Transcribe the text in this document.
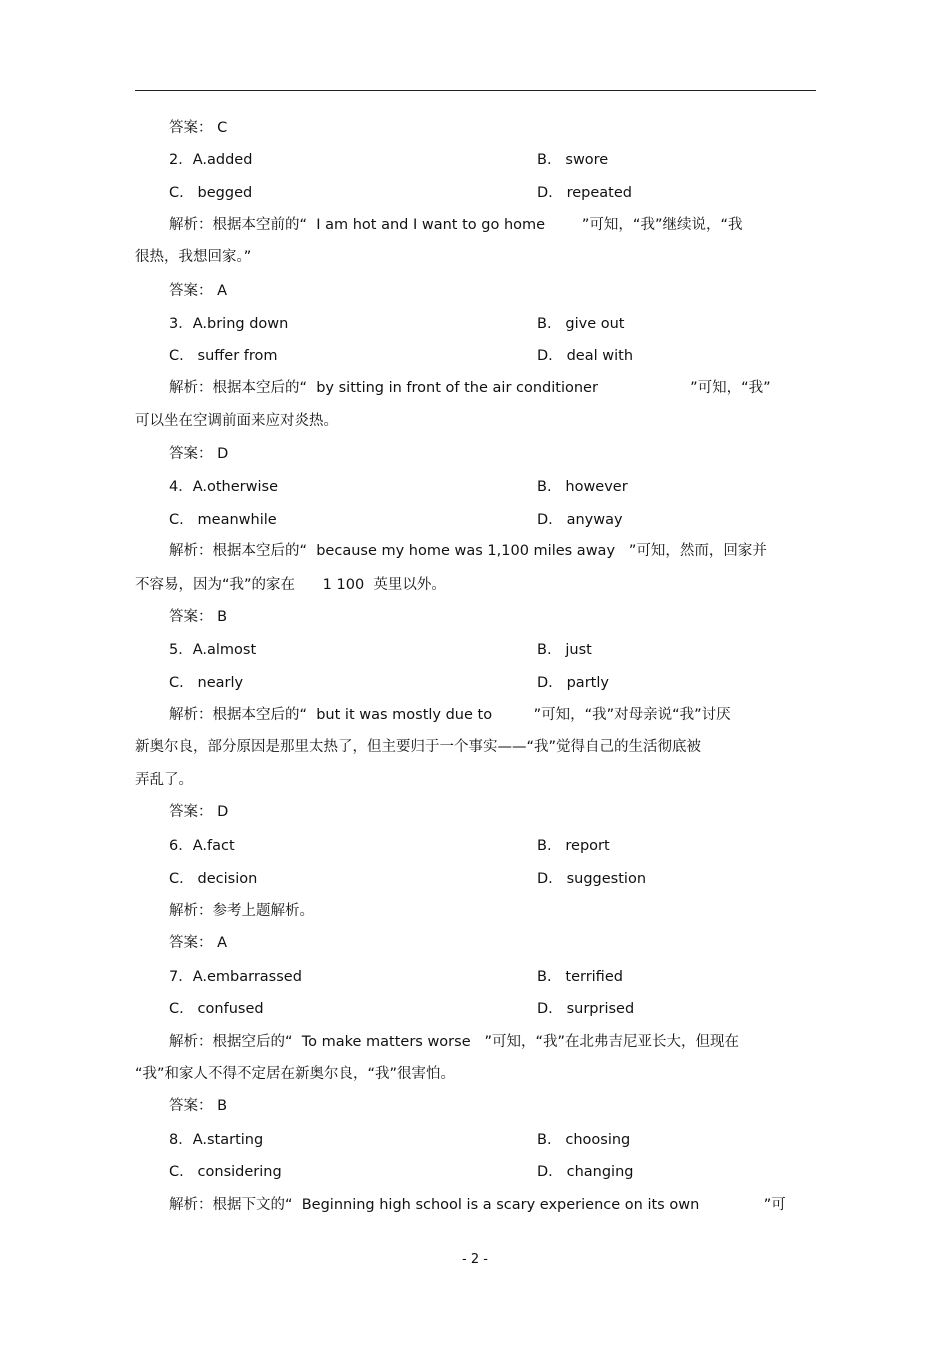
答案： C
2．A.added	B.   swore
C.   begged	D.   repeated
解析：根据本空前的“  I am hot and I want to go home        ”可知，“我”继续说，“我
很热，我想回家。”
答案： A
3．A.bring down	B.   give out
C.   suffer from	D.   deal with
解析：根据本空后的“  by sitting in front of the air conditioner                    ”可知，“我”
可以坐在空调前面来应对炎热。
答案： D
4．A.otherwise	B.   however
C.   meanwhile	D.   anyway
解析：根据本空后的“  because my home was 1,100 miles away   ”可知，然而，回家并
不容易，因为“我”的家在      1 100  英里以外。
答案： B
5．A.almost	B.   just
C.   nearly	D.   partly
解析：根据本空后的“  but it was mostly due to         ”可知，“我”对母亲说“我”讨厌
新奥尔良，部分原因是那里太热了，但主要归于一个事实——“我”觉得自己的生活彻底被
弄乱了。
答案： D
6．A.fact	B.   report
C.   decision	D.   suggestion
解析：参考上题解析。
答案： A
7．A.embarrassed	B.   terrified
C.   confused	D.   surprised
解析：根据空后的“  To make matters worse   ”可知，“我”在北弗吉尼亚长大，但现在
“我”和家人不得不定居在新奥尔良，“我”很害怕。
答案： B
8．A.starting	B.   choosing
C.   considering	D.   changing
解析：根据下文的“  Beginning high school is a scary experience on its own              ”可
- 2 -
